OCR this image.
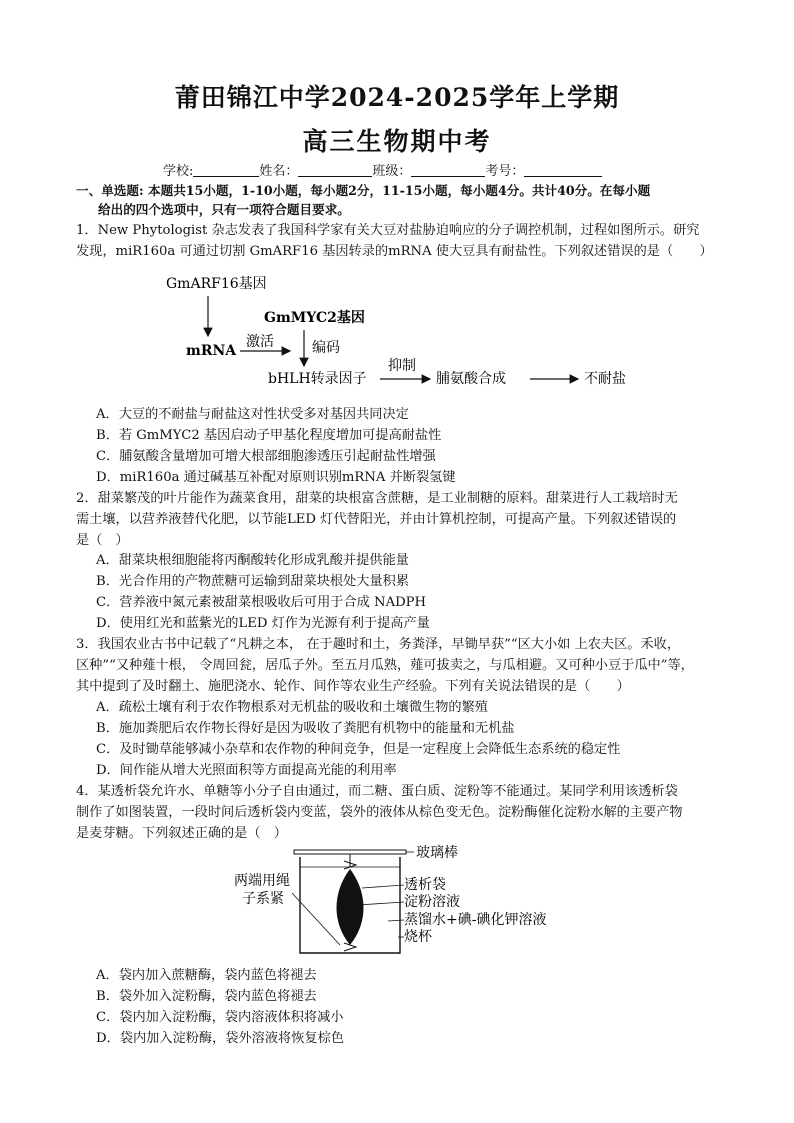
莆田锦江中学2024-2025学年上学期
高三生物期中考
学校:	姓名：	班级：	考号：
一、单选题: 本题共15小题，1-10小题，每小题2分，11-15小题，每小题4分。共计40分。在每小题
给出的四个选项中，只有一项符合题目要求。
1．New Phytologist 杂志发表了我国科学家有关大豆对盐胁迫响应的分子调控机制，过程如图所示。研究
发现，miR160a 可通过切割 GmARF16 基因转录的mRNA 使大豆具有耐盐性。下列叙述错误的是（　　）
GmARF16基因
mRNA
激活
GmMYC2基因
编码
bHLH转录因子
抑制
脯氨酸合成	不耐盐
A．大豆的不耐盐与耐盐这对性状受多对基因共同决定
B．若 GmMYC2 基因启动子甲基化程度增加可提高耐盐性
C．脯氨酸含量增加可增大根部细胞渗透压引起耐盐性增强
D．miR160a 通过碱基互补配对原则识别mRNA 并断裂氢键
2．甜菜繁茂的叶片能作为蔬菜食用，甜菜的块根富含蔗糖，是工业制糖的原料。甜菜进行人工栽培时无
需土壤，以营养液替代化肥，以节能LED 灯代替阳光，并由计算机控制，可提高产量。下列叙述错误的
是（　）
A．甜菜块根细胞能将丙酮酸转化形成乳酸并提供能量
B．光合作用的产物蔗糖可运输到甜菜块根处大量积累
C．营养液中氮元素被甜菜根吸收后可用于合成 NADPH
D．使用红光和蓝紫光的LED 灯作为光源有利于提高产量
3．我国农业古书中记载了“凡耕之本， 在于趣时和土，务粪泽，早锄早获”“区大小如 上农夫区。禾收，
区种”“又种薤十根， 令周回瓮，居瓜子外。至五月瓜熟，薤可拔卖之，与瓜相避。又可种小豆于瓜中”等，
其中提到了及时翻土、施肥浇水、轮作、间作等农业生产经验。下列有关说法错误的是（　　）
A．疏松土壤有利于农作物根系对无机盐的吸收和土壤微生物的繁殖
B．施加粪肥后农作物长得好是因为吸收了粪肥有机物中的能量和无机盐
C．及时锄草能够减小杂草和农作物的种间竞争，但是一定程度上会降低生态系统的稳定性
D．间作能从增大光照面积等方面提高光能的利用率
4．某透析袋允许水、单糖等小分子自由通过，而二糖、蛋白质、淀粉等不能通过。某同学利用该透析袋
制作了如图装置，一段时间后透析袋内变蓝，袋外的液体从棕色变无色。淀粉酶催化淀粉水解的主要产物
是麦芽糖。下列叙述正确的是（　）
两端用绳
子系紧
玻璃棒
透析袋
淀粉溶液
蒸馏水+碘-碘化钾溶液
烧杯
A．袋内加入蔗糖酶，袋内蓝色将褪去
B．袋外加入淀粉酶，袋内蓝色将褪去
C．袋内加入淀粉酶，袋内溶液体积将减小
D．袋内加入淀粉酶，袋外溶液将恢复棕色
